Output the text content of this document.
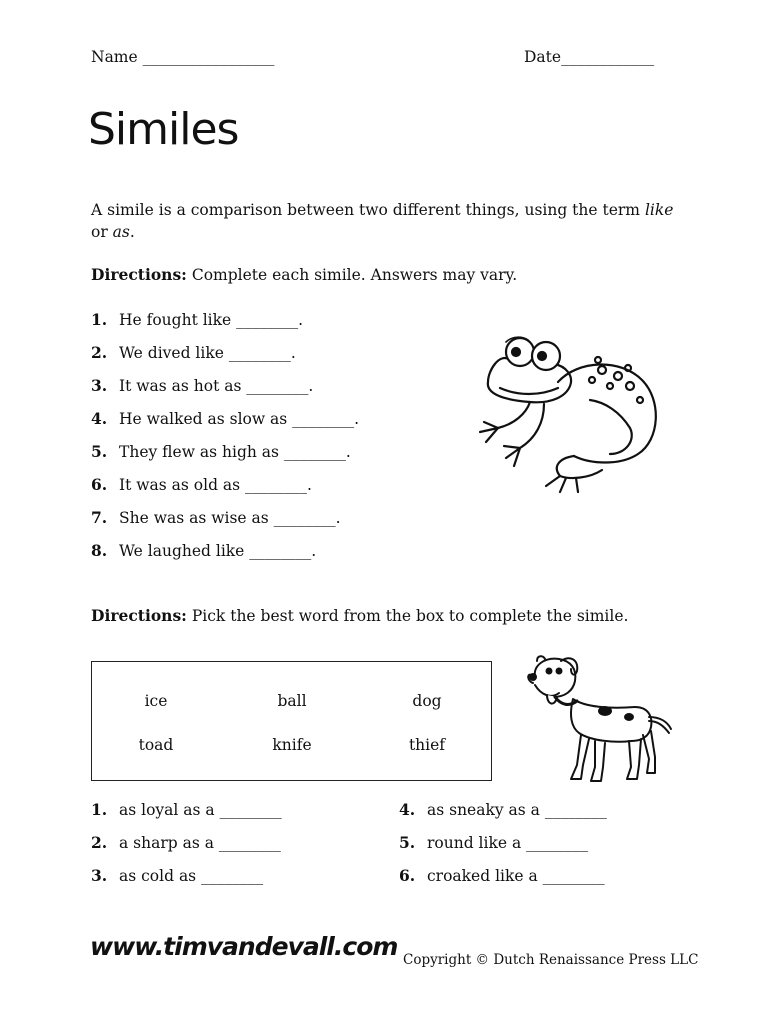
Name _________________	Date____________
Similes
A simile is a comparison between two different things, using the term like or as.
Directions: Complete each simile. Answers may vary.
1. He fought like ________.
2. We dived like ________.
3. It was as hot as ________.
4. He walked as slow as ________.
5. They flew as high as ________.
6. It was as old as ________.
7. She was as wise as ________.
8. We laughed like ________.
Directions: Pick the best word from the box to complete the simile.
ice	ball	dog
toad	knife	thief
1. as loyal as a ________
2. a sharp as a ________
3. as cold as ________
4. as sneaky as a ________
5. round like a ________
6. croaked like a ________
www.timvandevall.com Copyright © Dutch Renaissance Press LLC
